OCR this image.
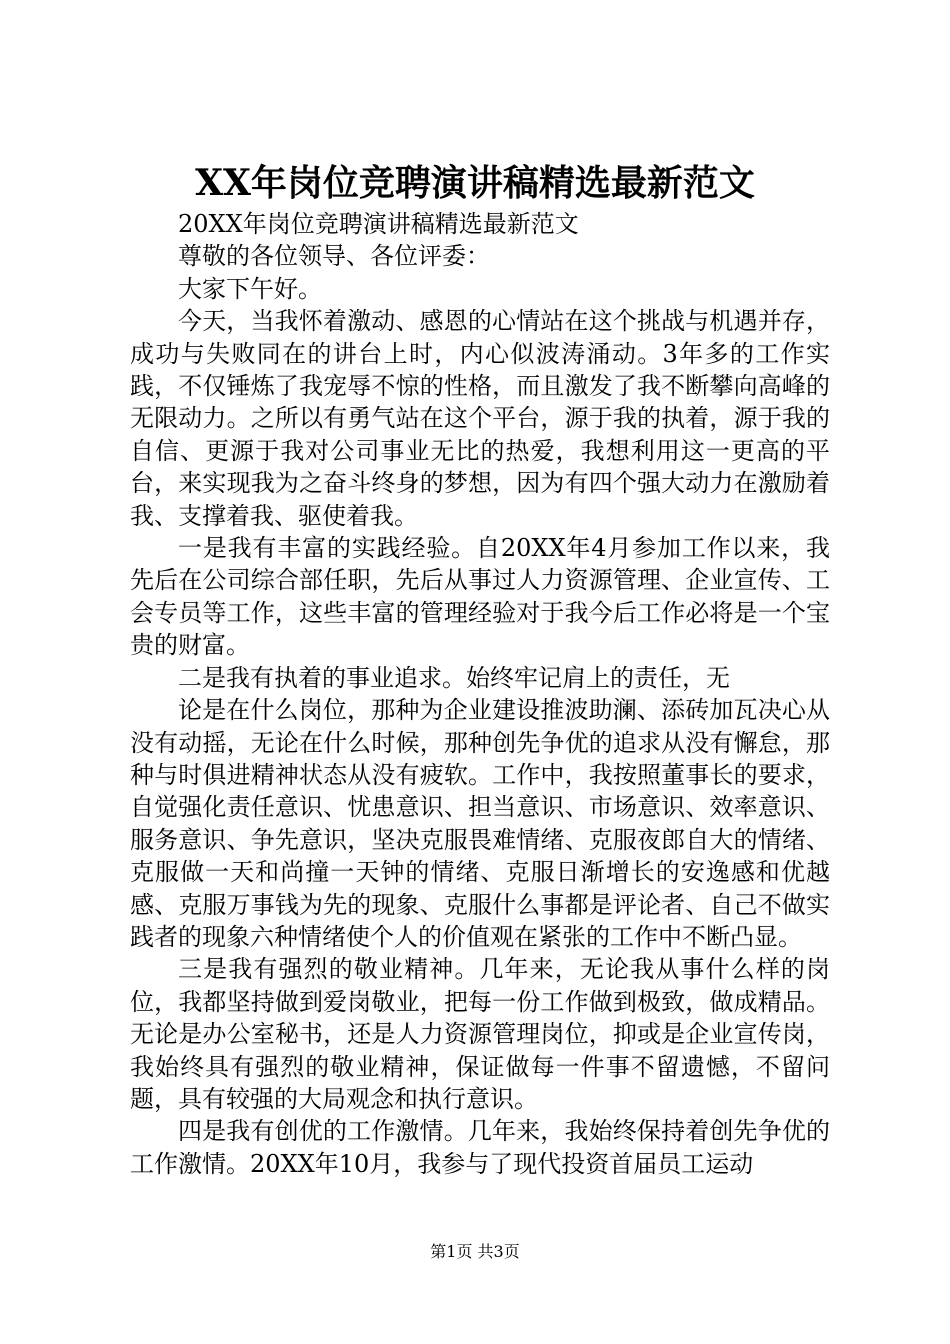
XX年岗位竞聘演讲稿精选最新范文

20XX年岗位竞聘演讲稿精选最新范文

尊敬的各位领导、各位评委：

大家下午好。

今天，当我怀着激动、感恩的心情站在这个挑战与机遇并存，成功与失败同在的讲台上时，内心似波涛涌动。3年多的工作实践，不仅锤炼了我宠辱不惊的性格，而且激发了我不断攀向高峰的无限动力。之所以有勇气站在这个平台，源于我的执着，源于我的自信、更源于我对公司事业无比的热爱，我想利用这一更高的平台，来实现我为之奋斗终身的梦想，因为有四个强大动力在激励着我、支撑着我、驱使着我。

一是我有丰富的实践经验。自20XX年4月参加工作以来，我先后在公司综合部任职，先后从事过人力资源管理、企业宣传、工会专员等工作，这些丰富的管理经验对于我今后工作必将是一个宝贵的财富。

二是我有执着的事业追求。始终牢记肩上的责任，无

论是在什么岗位，那种为企业建设推波助澜、添砖加瓦决心从没有动摇，无论在什么时候，那种创先争优的追求从没有懈怠，那种与时俱进精神状态从没有疲软。工作中，我按照董事长的要求，自觉强化责任意识、忧患意识、担当意识、市场意识、效率意识、服务意识、争先意识，坚决克服畏难情绪、克服夜郎自大的情绪、克服做一天和尚撞一天钟的情绪、克服日渐增长的安逸感和优越感、克服万事钱为先的现象、克服什么事都是评论者、自己不做实践者的现象六种情绪使个人的价值观在紧张的工作中不断凸显。

三是我有强烈的敬业精神。几年来，无论我从事什么样的岗位，我都坚持做到爱岗敬业，把每一份工作做到极致，做成精品。无论是办公室秘书，还是人力资源管理岗位，抑或是企业宣传岗，我始终具有强烈的敬业精神，保证做每一件事不留遗憾，不留问题，具有较强的大局观念和执行意识。

四是我有创优的工作激情。几年来，我始终保持着创先争优的工作激情。20XX年10月，我参与了现代投资首届员工运动

第1页 共3页
